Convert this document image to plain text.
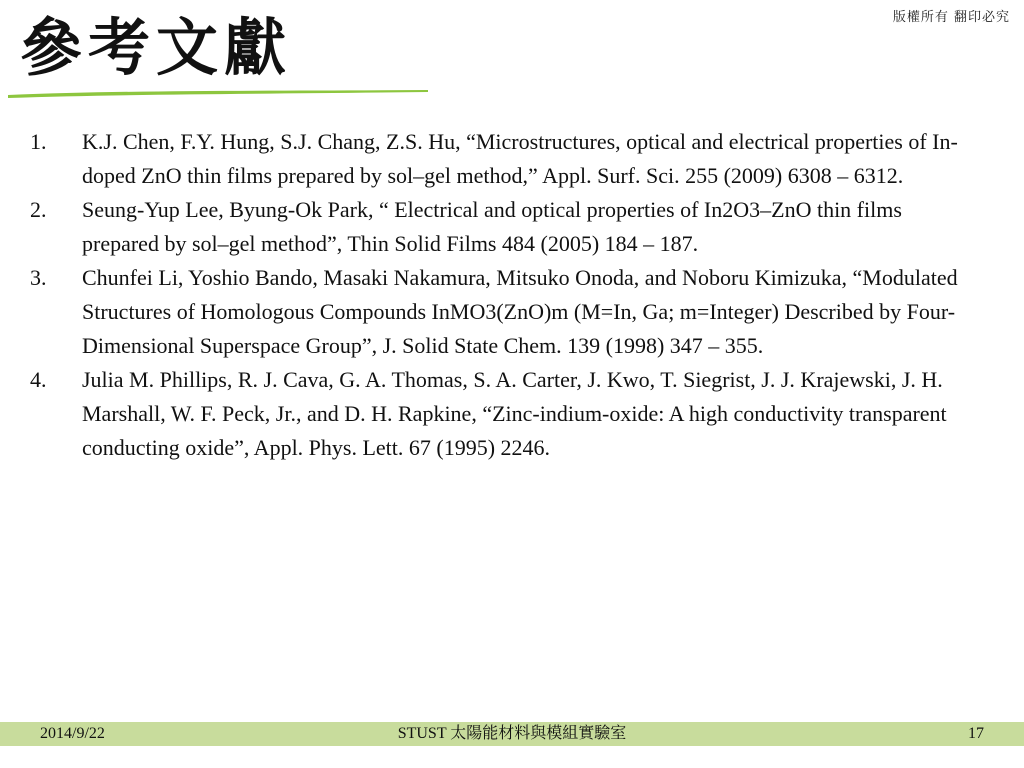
版權所有 翻印必究
參考文獻
1. K.J. Chen, F.Y. Hung, S.J. Chang, Z.S. Hu, “Microstructures, optical and electrical properties of In-doped ZnO thin films prepared by sol–gel method,” Appl. Surf. Sci. 255 (2009) 6308 – 6312.
2. Seung-Yup Lee, Byung-Ok Park, “ Electrical and optical properties of In2O3–ZnO thin films prepared by sol–gel method”, Thin Solid Films 484 (2005) 184 – 187.
3. Chunfei Li, Yoshio Bando, Masaki Nakamura, Mitsuko Onoda, and Noboru Kimizuka, “Modulated Structures of Homologous Compounds InMO3(ZnO)m (M=In, Ga; m=Integer) Described by Four-Dimensional Superspace Group”, J. Solid State Chem. 139 (1998) 347 – 355.
4. Julia M. Phillips, R. J. Cava, G. A. Thomas, S. A. Carter, J. Kwo, T. Siegrist, J. J. Krajewski, J. H. Marshall, W. F. Peck, Jr., and D. H. Rapkine, “Zinc-indium-oxide: A high conductivity transparent conducting oxide”, Appl. Phys. Lett. 67 (1995) 2246.
2014/9/22	STUST 太陽能材料與模組實驗室	17
